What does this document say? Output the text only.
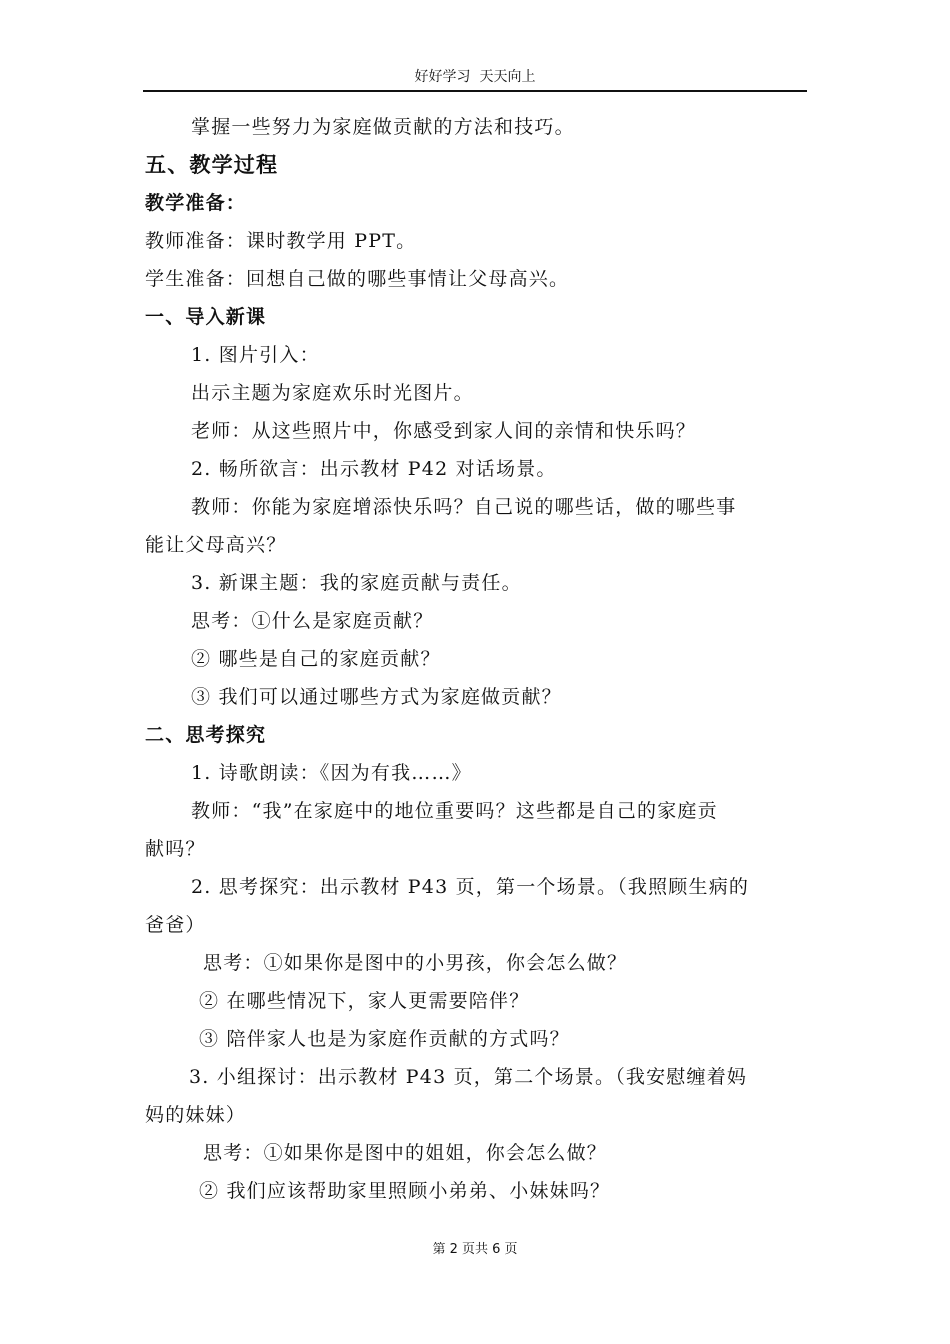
好好学习  天天向上
掌握一些努力为家庭做贡献的方法和技巧。
五、教学过程
教学准备：
教师准备：课时教学用 PPT。
学生准备：回想自己做的哪些事情让父母高兴。
一、导入新课
1. 图片引入：
出示主题为家庭欢乐时光图片。
老师：从这些照片中，你感受到家人间的亲情和快乐吗？
2. 畅所欲言：出示教材 P42 对话场景。
教师：你能为家庭增添快乐吗？自己说的哪些话，做的哪些事
能让父母高兴？
3. 新课主题：我的家庭贡献与责任。
思考：①什么是家庭贡献？
② 哪些是自己的家庭贡献？
③ 我们可以通过哪些方式为家庭做贡献？
二、思考探究
1. 诗歌朗读：《因为有我……》
教师：“我”在家庭中的地位重要吗？这些都是自己的家庭贡
献吗？
2. 思考探究：出示教材 P43 页，第一个场景。（我照顾生病的
爸爸）
思考：①如果你是图中的小男孩，你会怎么做？
② 在哪些情况下，家人更需要陪伴？
③ 陪伴家人也是为家庭作贡献的方式吗？
3. 小组探讨：出示教材 P43 页，第二个场景。（我安慰缠着妈
妈的妹妹）
思考：①如果你是图中的姐姐，你会怎么做？
② 我们应该帮助家里照顾小弟弟、小妹妹吗？
第 2 页共 6 页
